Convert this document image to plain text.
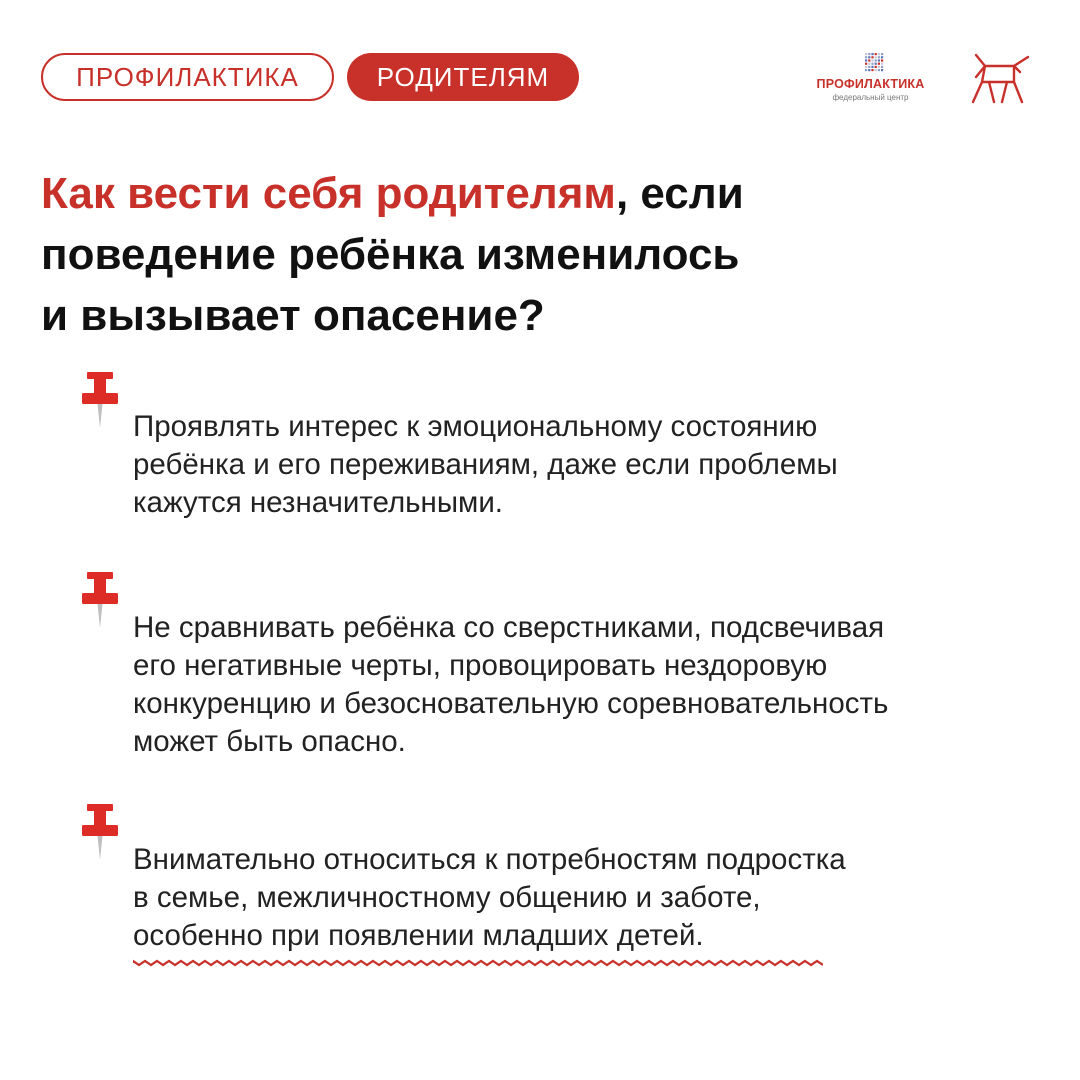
ПРОФИЛАКТИКА	РОДИТЕЛЯМ	ПРОФИЛАКТИКА
федеральный центр
Как вести себя родителям, если
поведение ребёнка изменилось
и вызывает опасение?

Проявлять интерес к эмоциональному состоянию
ребёнка и его переживаниям, даже если проблемы
кажутся незначительными.

Не сравнивать ребёнка со сверстниками, подсвечивая
его негативные черты, провоцировать нездоровую
конкуренцию и безосновательную соревновательность
может быть опасно.

Внимательно относиться к потребностям подростка
в семье, межличностному общению и заботе,
особенно при появлении младших детей.
